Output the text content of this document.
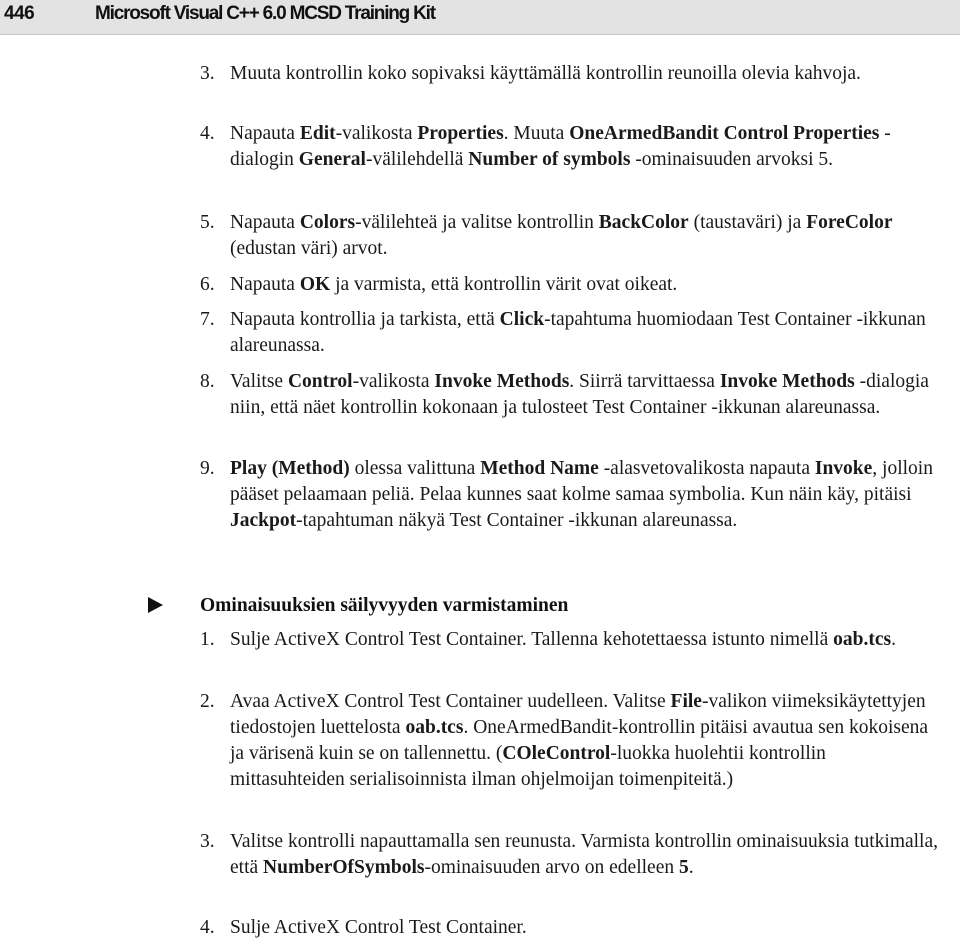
446	Microsoft Visual C++ 6.0 MCSD Training Kit
3. Muuta kontrollin koko sopivaksi käyttämällä kontrollin reunoilla olevia kahvoja.
4. Napauta Edit-valikosta Properties. Muuta OneArmedBandit Control Properties -dialogin General-välilehdellä Number of symbols -ominaisuuden arvoksi 5.
5. Napauta Colors-välilehteä ja valitse kontrollin BackColor (taustaväri) ja ForeColor (edustan väri) arvot.
6. Napauta OK ja varmista, että kontrollin värit ovat oikeat.
7. Napauta kontrollia ja tarkista, että Click-tapahtuma huomiodaan Test Container -ikkunan alareunassa.
8. Valitse Control-valikosta Invoke Methods. Siirrä tarvittaessa Invoke Methods -dialogia niin, että näet kontrollin kokonaan ja tulosteet Test Container -ikkunan alareunassa.
9. Play (Method) olessa valittuna Method Name -alasvetovalikosta napauta Invoke, jolloin pääset pelaamaan peliä. Pelaa kunnes saat kolme samaa symbolia. Kun näin käy, pitäisi Jackpot-tapahtuman näkyä Test Container -ikkunan alareunassa.
Ominaisuuksien säilyvyyden varmistaminen
1. Sulje ActiveX Control Test Container. Tallenna kehotettaessa istunto nimellä oab.tcs.
2. Avaa ActiveX Control Test Container uudelleen. Valitse File-valikon viimeksikäytettyjen tiedostojen luettelosta oab.tcs. OneArmedBandit-kontrollin pitäisi avautua sen kokoisena ja värisenä kuin se on tallennettu. (COleControl-luokka huolehtii kontrollin mittasuhteiden serialisoinnista ilman ohjelmoijan toimenpiteitä.)
3. Valitse kontrolli napauttamalla sen reunusta. Varmista kontrollin ominaisuuksia tutkimalla, että NumberOfSymbols-ominaisuuden arvo on edelleen 5.
4. Sulje ActiveX Control Test Container.
